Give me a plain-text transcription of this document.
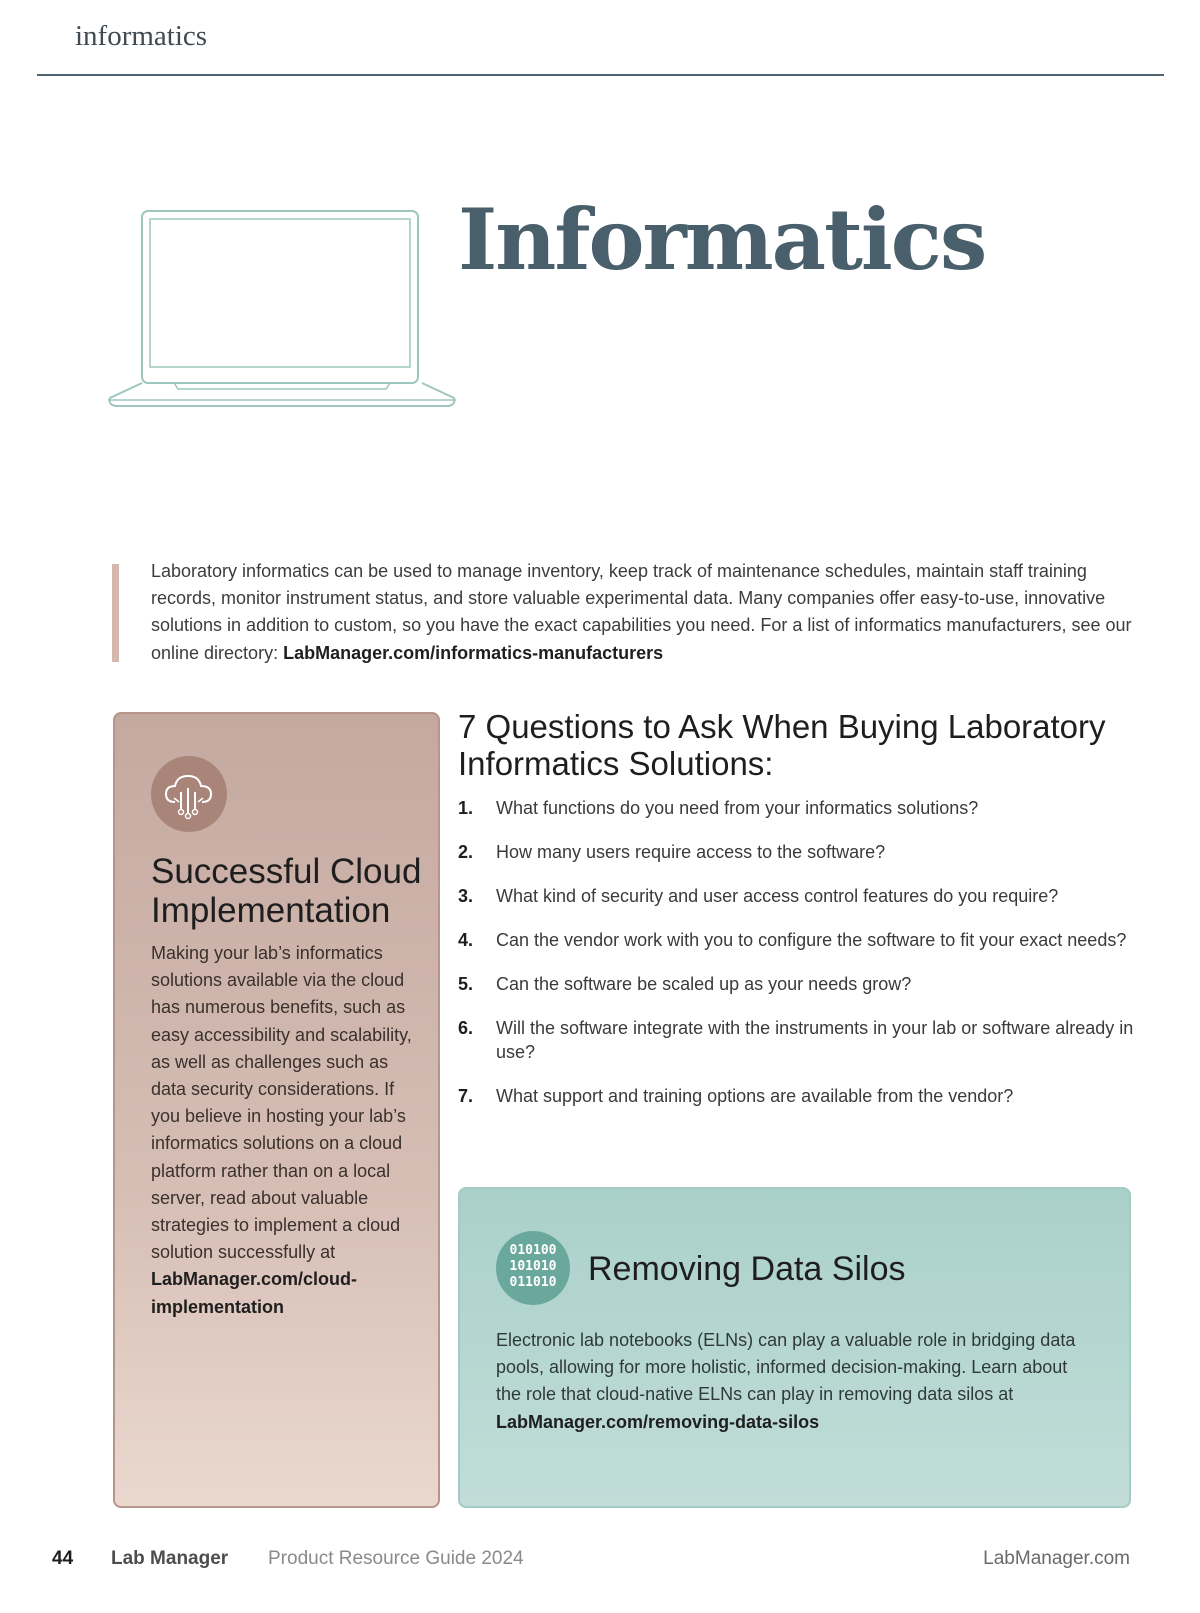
informatics
Informatics
Laboratory informatics can be used to manage inventory, keep track of maintenance schedules, maintain staff training records, monitor instrument status, and store valuable experimental data. Many companies offer easy-to-use, innovative solutions in addition to custom, so you have the exact capabilities you need. For a list of informatics manufacturers, see our online directory: LabManager.com/informatics-manufacturers
Successful Cloud Implementation
Making your lab’s informatics solutions available via the cloud has numerous benefits, such as easy accessibility and scalability, as well as challenges such as data security considerations. If you believe in hosting your lab’s informatics solutions on a cloud platform rather than on a local server, read about valuable strategies to implement a cloud solution successfully at
LabManager.com/cloud-implementation
7 Questions to Ask When Buying Laboratory Informatics Solutions:
1.	What functions do you need from your informatics solutions?
2.	How many users require access to the software?
3.	What kind of security and user access control features do you require?
4.	Can the vendor work with you to configure the software to fit your exact needs?
5.	Can the software be scaled up as your needs grow?
6.	Will the software integrate with the instruments in your lab or software already in use?
7.	What support and training options are available from the vendor?
010100
101010
011010 Removing Data Silos
Electronic lab notebooks (ELNs) can play a valuable role in bridging data pools, allowing for more holistic, informed decision-making. Learn about the role that cloud-native ELNs can play in removing data silos at
LabManager.com/removing-data-silos
44 Lab Manager Product Resource Guide 2024	LabManager.com
